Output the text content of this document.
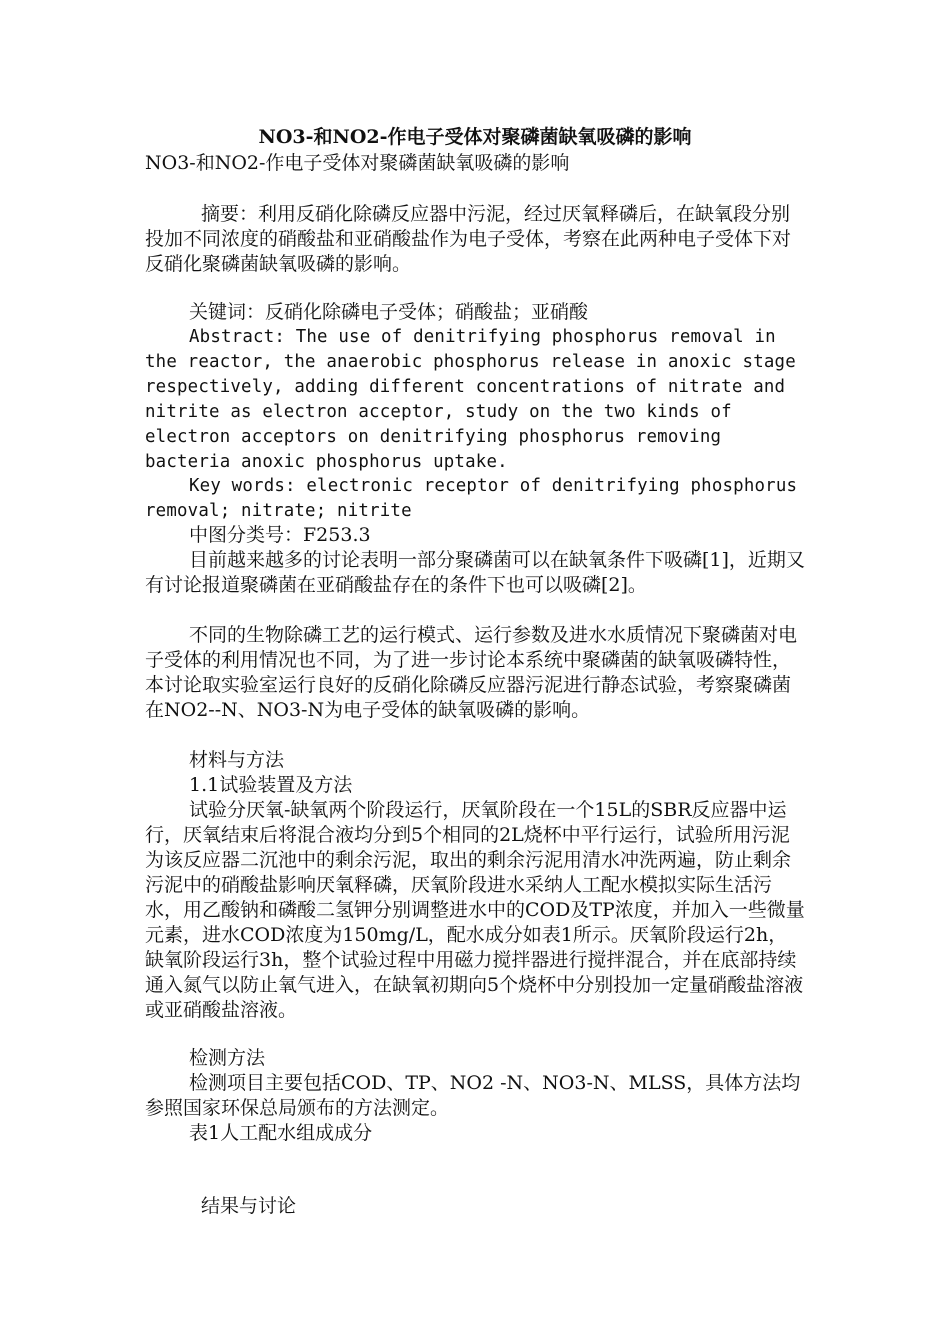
NO3-和NO2-作电子受体对聚磷菌缺氧吸磷的影响

NO3-和NO2-作电子受体对聚磷菌缺氧吸磷的影响

摘要：利用反硝化除磷反应器中污泥，经过厌氧释磷后，在缺氧段分别投加不同浓度的硝酸盐和亚硝酸盐作为电子受体，考察在此两种电子受体下对反硝化聚磷菌缺氧吸磷的影响。

关键词：反硝化除磷电子受体；硝酸盐；亚硝酸

Abstract: The use of denitrifying phosphorus removal in the reactor, the anaerobic phosphorus release in anoxic stage respectively, adding different concentrations of nitrate and nitrite as electron acceptor, study on the two kinds of electron acceptors on denitrifying phosphorus removing bacteria anoxic phosphorus uptake.

Key words: electronic receptor of denitrifying phosphorus removal; nitrate; nitrite

中图分类号：F253.3

目前越来越多的讨论表明一部分聚磷菌可以在缺氧条件下吸磷[1]，近期又有讨论报道聚磷菌在亚硝酸盐存在的条件下也可以吸磷[2]。

不同的生物除磷工艺的运行模式、运行参数及进水水质情况下聚磷菌对电子受体的利用情况也不同，为了进一步讨论本系统中聚磷菌的缺氧吸磷特性，本讨论取实验室运行良好的反硝化除磷反应器污泥进行静态试验，考察聚磷菌在NO2--N、NO3-N为电子受体的缺氧吸磷的影响。

材料与方法

1.1试验装置及方法

试验分厌氧-缺氧两个阶段运行，厌氧阶段在一个15L的SBR反应器中运行，厌氧结束后将混合液均分到5个相同的2L烧杯中平行运行，试验所用污泥为该反应器二沉池中的剩余污泥，取出的剩余污泥用清水冲洗两遍，防止剩余污泥中的硝酸盐影响厌氧释磷，厌氧阶段进水采纳人工配水模拟实际生活污水，用乙酸钠和磷酸二氢钾分别调整进水中的COD及TP浓度，并加入一些微量元素，进水COD浓度为150mg/L，配水成分如表1所示。厌氧阶段运行2h，缺氧阶段运行3h，整个试验过程中用磁力搅拌器进行搅拌混合，并在底部持续通入氮气以防止氧气进入，在缺氧初期向5个烧杯中分别投加一定量硝酸盐溶液或亚硝酸盐溶液。

检测方法

检测项目主要包括COD、TP、NO2 -N、NO3-N、MLSS，具体方法均参照国家环保总局颁布的方法测定。

表1人工配水组成成分

结果与讨论
